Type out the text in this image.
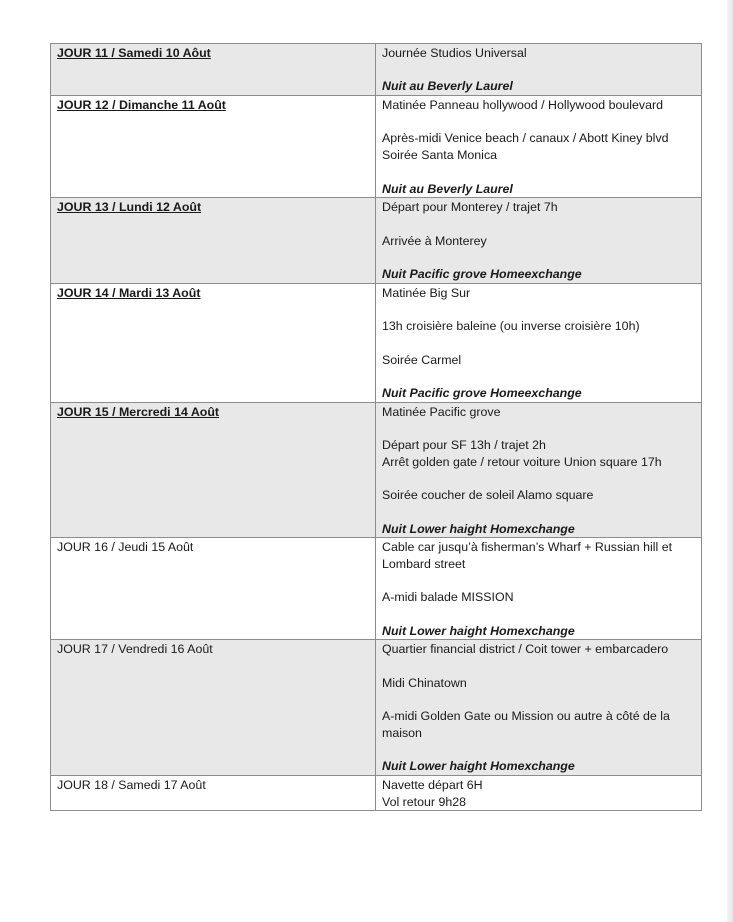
JOUR 11 / Samedi 10 Aôut	Journée Studios Universal
Nuit au Beverly Laurel

JOUR 12 / Dimanche 11 Août	Matinée Panneau hollywood / Hollywood boulevard
Après-midi Venice beach / canaux / Abott Kiney blvd
Soirée Santa Monica
Nuit au Beverly Laurel

JOUR 13 / Lundi 12 Août	Départ pour Monterey / trajet 7h
Arrivée à Monterey
Nuit Pacific grove Homeexchange

JOUR 14 / Mardi 13 Août	Matinée Big Sur
13h croisière baleine (ou inverse croisière 10h)
Soirée Carmel
Nuit Pacific grove Homeexchange

JOUR 15 / Mercredi 14 Août	Matinée Pacific grove
Départ pour SF 13h / trajet 2h
Arrêt golden gate / retour voiture Union square 17h
Soirée coucher de soleil Alamo square
Nuit Lower haight Homexchange

JOUR 16 / Jeudi 15 Août	Cable car jusqu’à fisherman’s Wharf + Russian hill et
Lombard street
A-midi balade MISSION
Nuit Lower haight Homexchange

JOUR 17 / Vendredi 16 Août	Quartier financial district / Coit tower + embarcadero
Midi Chinatown
A-midi Golden Gate ou Mission ou autre à côté de la
maison
Nuit Lower haight Homexchange

JOUR 18 / Samedi 17 Août	Navette départ 6H
Vol retour 9h28
